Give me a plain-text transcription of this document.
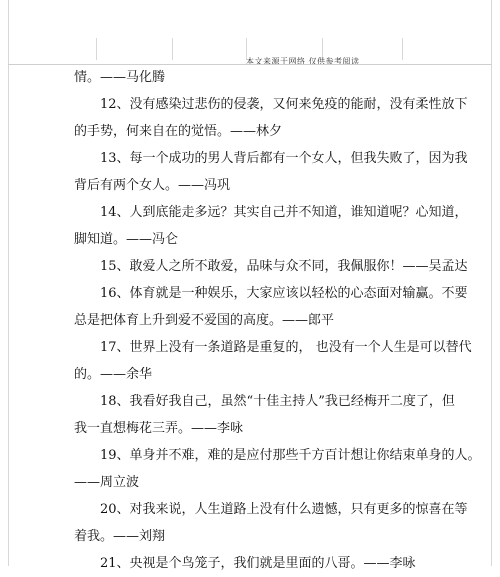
本文来源于网络 仅供参考阅读
情。——马化腾
12、没有感染过悲伤的侵袭，又何来免疫的能耐，没有柔性放下
的手势，何来自在的觉悟。——林夕
13、每一个成功的男人背后都有一个女人，但我失败了，因为我
背后有两个女人。——冯巩
14、人到底能走多远？其实自己并不知道，谁知道呢？心知道，
脚知道。——冯仑
15、敢爱人之所不敢爱，品味与众不同，我佩服你！——吴孟达
16、体育就是一种娱乐，大家应该以轻松的心态面对输赢。不要
总是把体育上升到爱不爱国的高度。——郎平
17、世界上没有一条道路是重复的， 也没有一个人生是可以替代
的。——余华
18、我看好我自己，虽然“十佳主持人”我已经梅开二度了，但
我一直想梅花三弄。——李咏
19、单身并不难，难的是应付那些千方百计想让你结束单身的人。
——周立波
20、对我来说，人生道路上没有什么遗憾，只有更多的惊喜在等
着我。——刘翔
21、央视是个鸟笼子，我们就是里面的八哥。——李咏
